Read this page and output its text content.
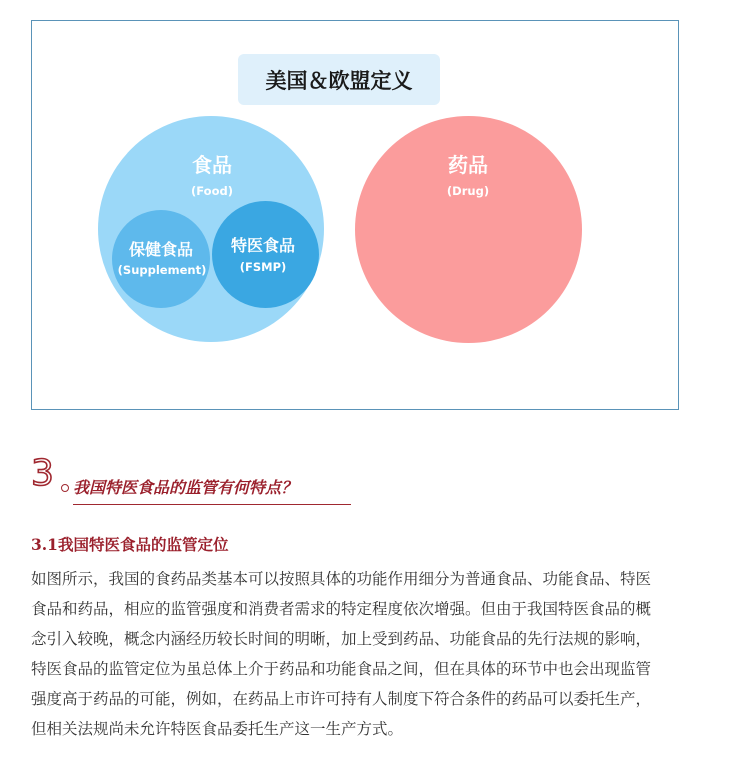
美国＆欧盟定义
食品
(Food)
保健食品
(Supplement)
特医食品
(FSMP)
药品
(Drug)
3 我国特医食品的监管有何特点？
3.1我国特医食品的监管定位
如图所示，我国的食药品类基本可以按照具体的功能作用细分为普通食品、功能食品、特医
食品和药品，相应的监管强度和消费者需求的特定程度依次增强。但由于我国特医食品的概
念引入较晚，概念内涵经历较长时间的明晰，加上受到药品、功能食品的先行法规的影响，
特医食品的监管定位为虽总体上介于药品和功能食品之间，但在具体的环节中也会出现监管
强度高于药品的可能，例如，在药品上市许可持有人制度下符合条件的药品可以委托生产，
但相关法规尚未允许特医食品委托生产这一生产方式。
